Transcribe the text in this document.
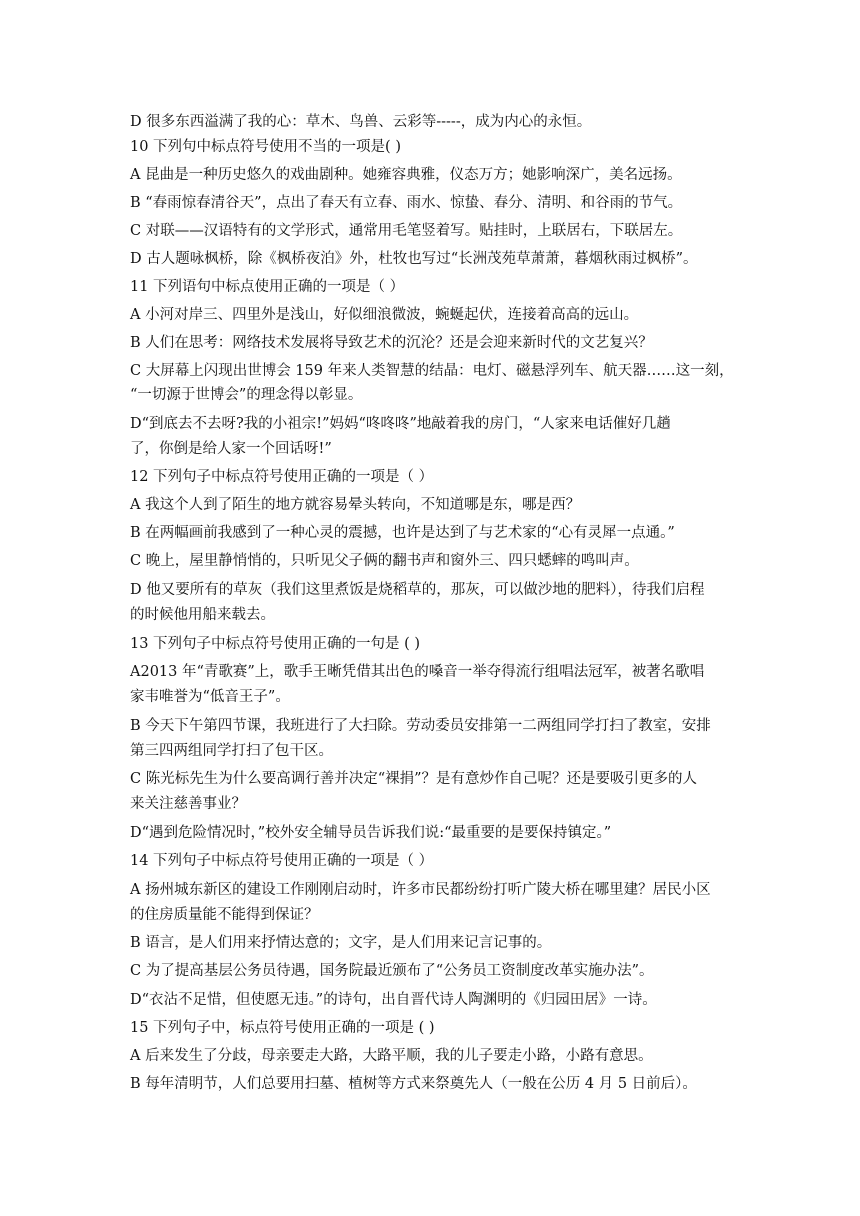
D 很多东西溢满了我的心：草木、鸟兽、云彩等-----，成为内心的永恒。
10 下列句中标点符号使用不当的一项是( )
A 昆曲是一种历史悠久的戏曲剧种。她雍容典雅，仪态万方；她影响深广，美名远扬。
B “春雨惊春清谷天”，点出了春天有立春、雨水、惊蛰、春分、清明、和谷雨的节气。
C 对联——汉语特有的文学形式，通常用毛笔竖着写。贴挂时，上联居右，下联居左。
D 古人题咏枫桥，除《枫桥夜泊》外，杜牧也写过“长洲茂苑草萧萧，暮烟秋雨过枫桥”。
11 下列语句中标点使用正确的一项是（ ）
A 小河对岸三、四里外是浅山，好似细浪微波，蜿蜒起伏，连接着高高的远山。
B 人们在思考：网络技术发展将导致艺术的沉沦？还是会迎来新时代的文艺复兴？
C 大屏幕上闪现出世博会 159 年来人类智慧的结晶：电灯、磁悬浮列车、航天器……这一刻，
“一切源于世博会”的理念得以彰显。
D“到底去不去呀?我的小祖宗!”妈妈“咚咚咚”地敲着我的房门，“人家来电话催好几趟
了，你倒是给人家一个回话呀!”
12 下列句子中标点符号使用正确的一项是（ ）
A 我这个人到了陌生的地方就容易晕头转向，不知道哪是东，哪是西？
B 在两幅画前我感到了一种心灵的震撼，也许是达到了与艺术家的“心有灵犀一点通。”
C 晚上，屋里静悄悄的，只听见父子俩的翻书声和窗外三、四只蟋蟀的鸣叫声。
D 他又要所有的草灰（我们这里煮饭是烧稻草的，那灰，可以做沙地的肥料），待我们启程
的时候他用船来载去。
13 下列句子中标点符号使用正确的一句是 ( )
A2013 年“青歌赛”上，歌手王晰凭借其出色的嗓音一举夺得流行组唱法冠军，被著名歌唱
家韦唯誉为“低音王子”。
B 今天下午第四节课，我班进行了大扫除。劳动委员安排第一二两组同学打扫了教室，安排
第三四两组同学打扫了包干区。
C 陈光标先生为什么要高调行善并决定“裸捐”？是有意炒作自己呢？还是要吸引更多的人
来关注慈善事业？
D“遇到危险情况时，”校外安全辅导员告诉我们说:“最重要的是要保持镇定。”
14 下列句子中标点符号使用正确的一项是（ ）
A 扬州城东新区的建设工作刚刚启动时，许多市民都纷纷打听广陵大桥在哪里建？居民小区
的住房质量能不能得到保证？
B 语言，是人们用来抒情达意的；文字，是人们用来记言记事的。
C 为了提高基层公务员待遇，国务院最近颁布了“公务员工资制度改革实施办法”。
D“衣沾不足惜，但使愿无违。”的诗句，出自晋代诗人陶渊明的《归园田居》一诗。
15 下列句子中，标点符号使用正确的一项是 ( )
A 后来发生了分歧，母亲要走大路，大路平顺，我的儿子要走小路，小路有意思。
B 每年清明节，人们总要用扫墓、植树等方式来祭奠先人（一般在公历 4 月 5 日前后）。
